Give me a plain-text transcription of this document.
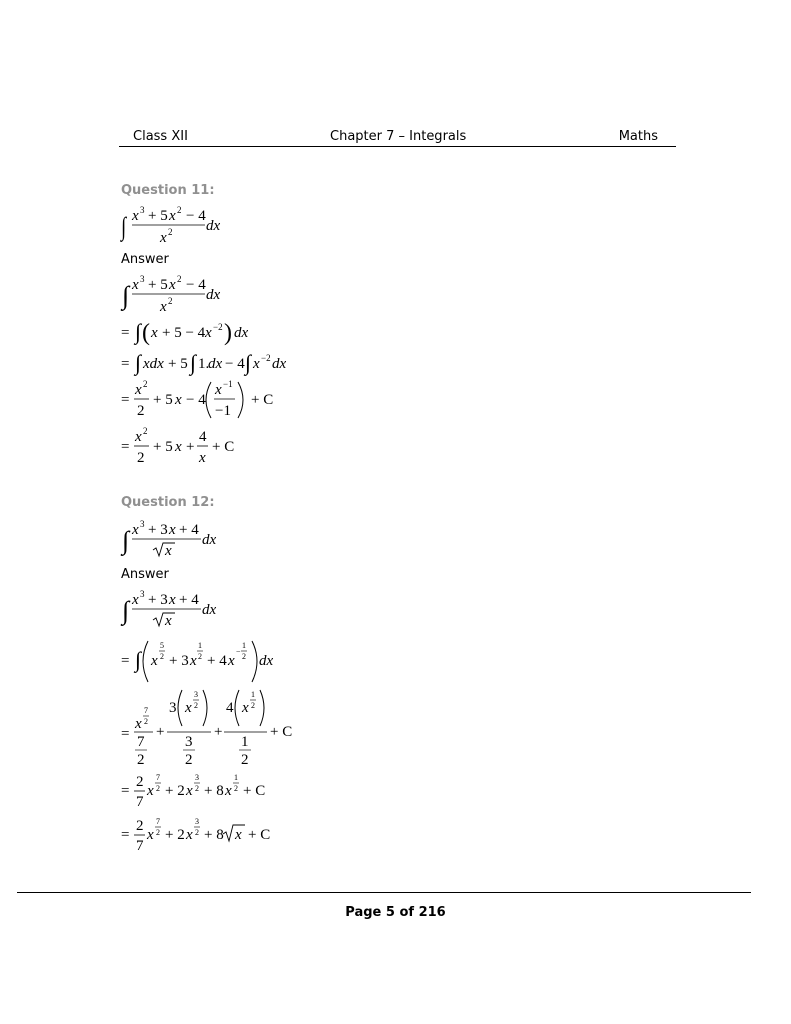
Class XII	Chapter 7 – Integrals	Maths
Question 11:
∫ x 3 + 5 x 2 − 4
x 2 dx
Answer
∫ x 3 + 5 x 2 − 4
x 2 dx
= ∫ ( x + 5 − 4 x −2 ) dx
= ∫ xdx + 5 ∫ 1.
dx − 4 ∫ x −2 dx
=
x 2
2
+ 5 x − 4
x −1
−1
+ C
=
x 2
2
+ 5 x +
4
x
+ C
Question 12:
∫ x 3 + 3 x + 4
x
dx
Answer
∫ x 3 + 3 x + 4
x
dx
= ∫ x
5
2 + 3 x
1
2 + 4 x
−
1
2 dx
=
x
7
2
7
2
+
3 x
3
2
3
2
+
4 x
1
2
1
2
+ C
=
2
7
x
7
2 + 2 x
3
2 + 8 x
1
2 + C
=
2
7
x
7
2 + 2 x
3
2 + 8 x + C
Page 5 of 216
